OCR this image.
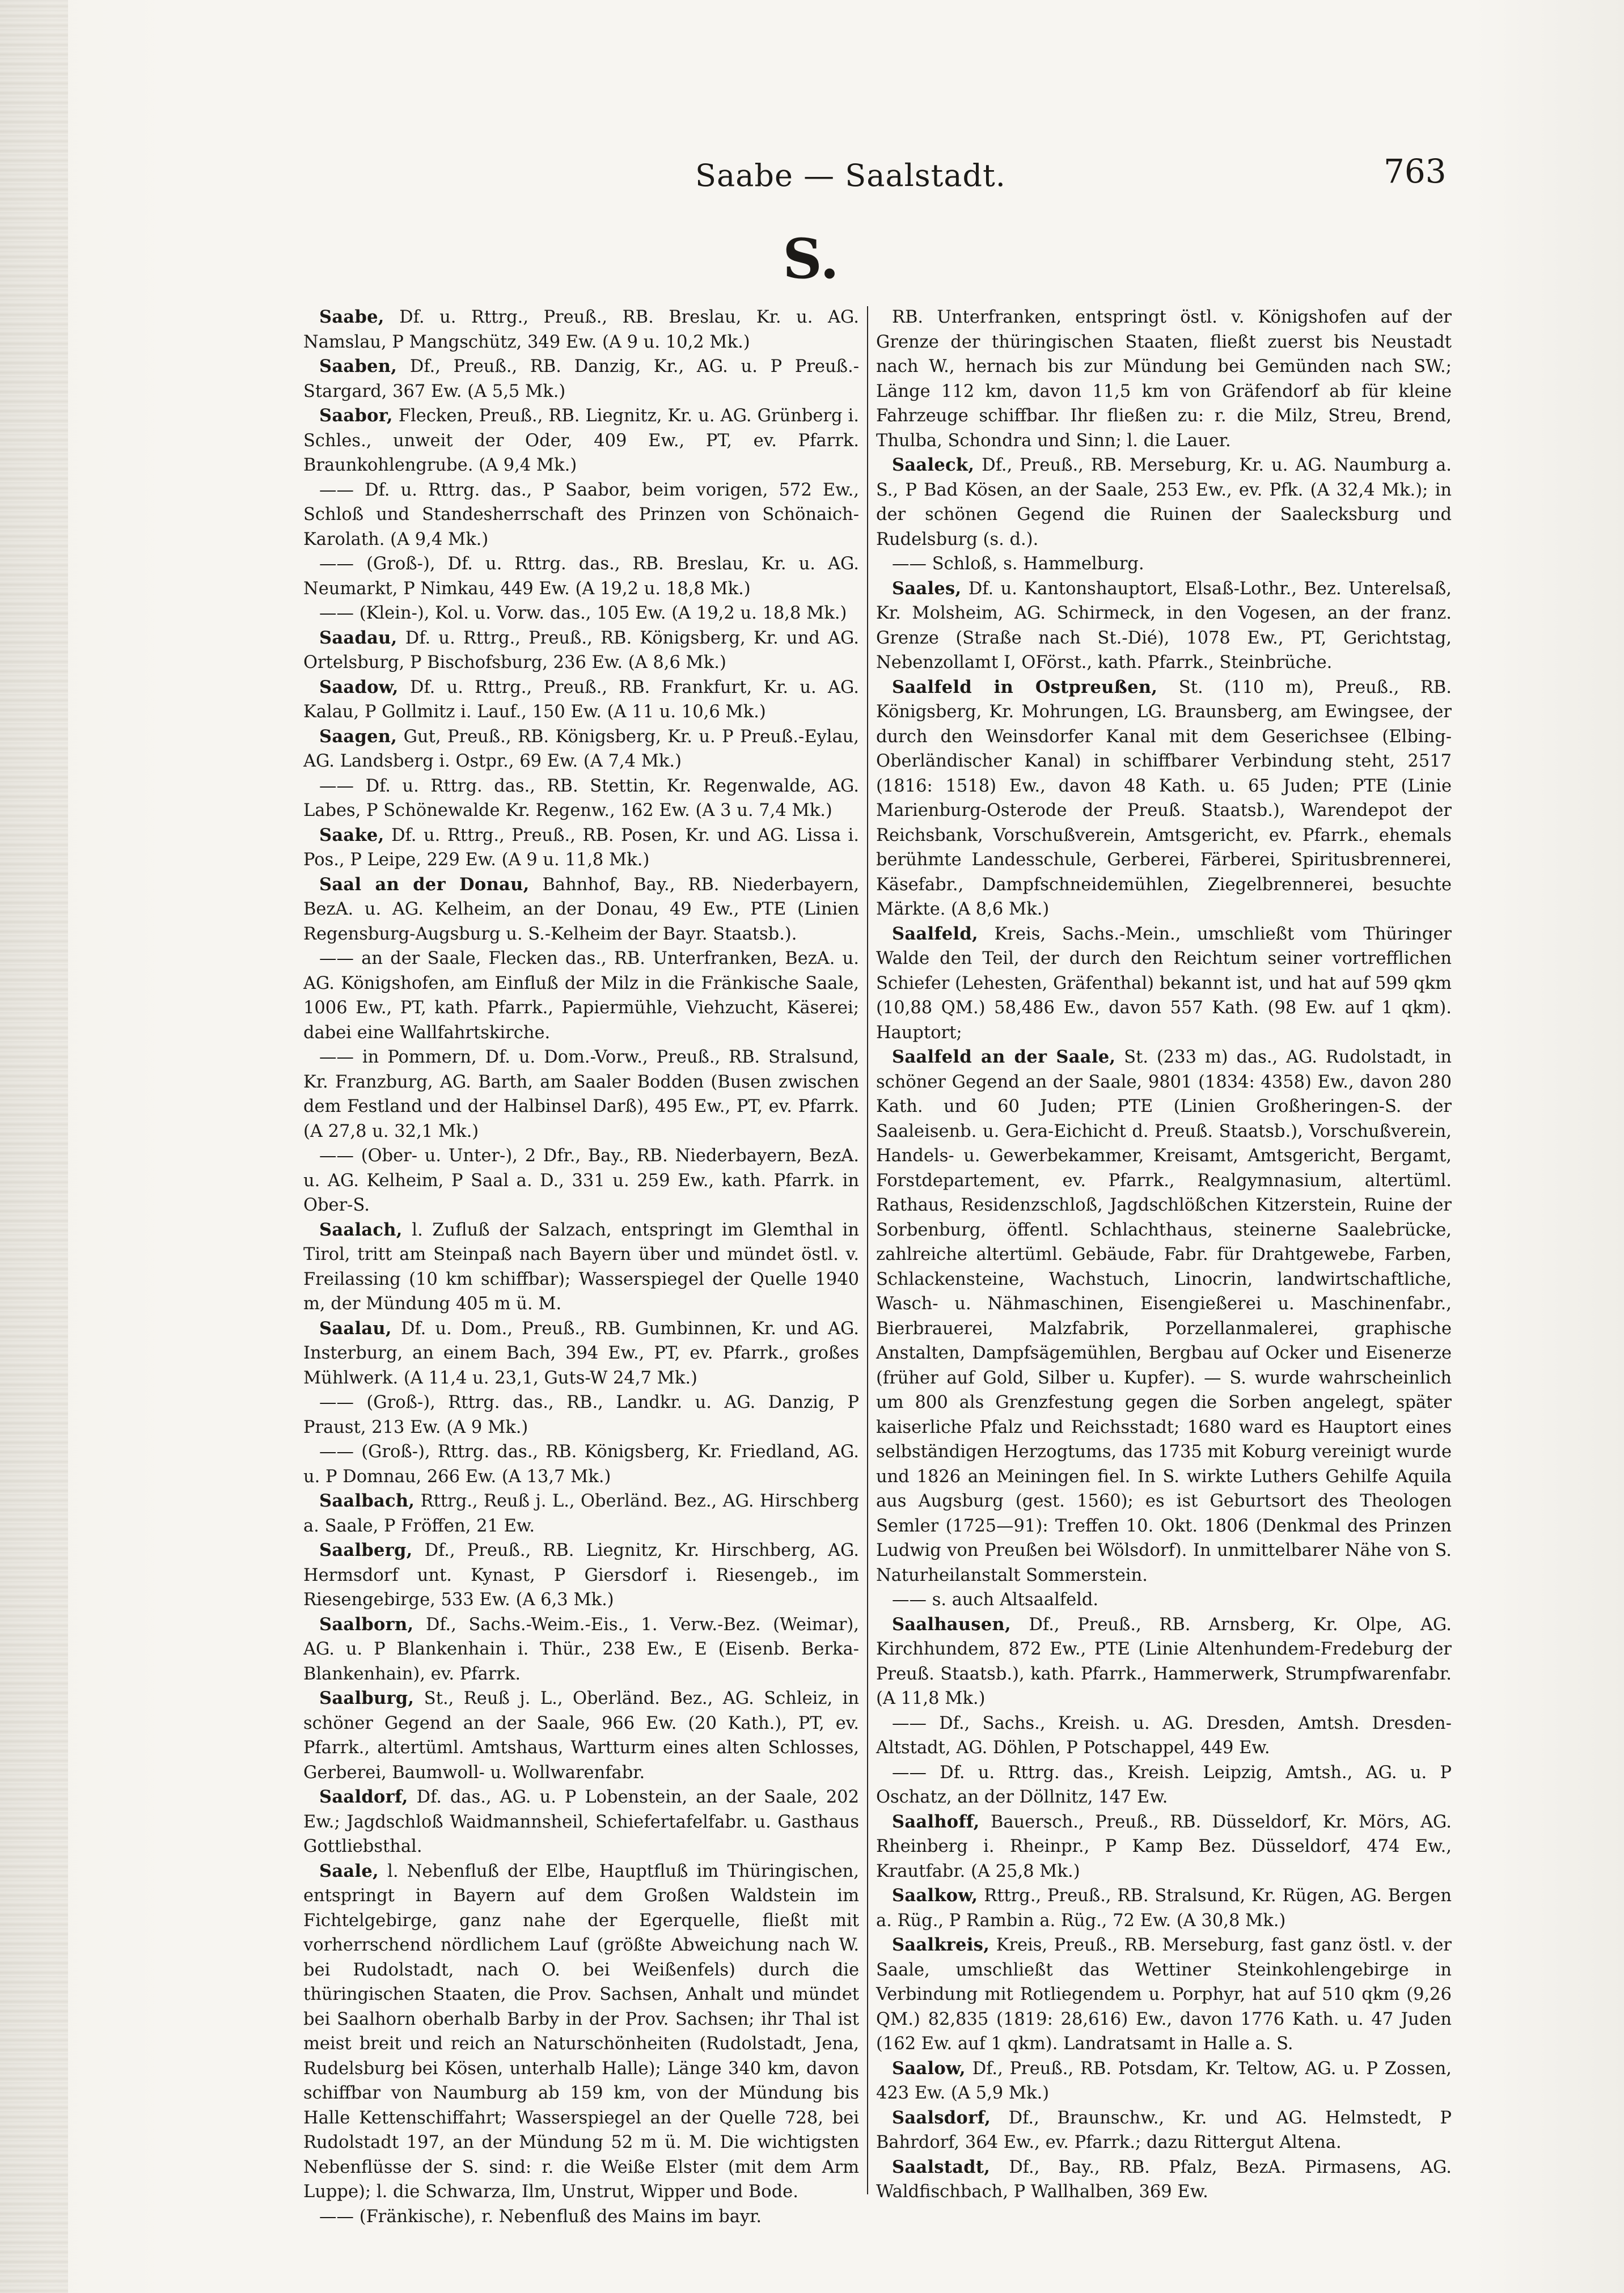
Saabe — Saalstadt.	763
S.

Saabe, Df. u. Rttrg., Preuß., RB. Breslau, Kr. u. AG. Namslau, P Mangschütz, 349 Ew. (A 9 u. 10,2 Mk.)

Saaben, Df., Preuß., RB. Danzig, Kr., AG. u. P Preuß.-Stargard, 367 Ew. (A 5,5 Mk.)

Saabor, Flecken, Preuß., RB. Liegnitz, Kr. u. AG. Grünberg i. Schles., unweit der Oder, 409 Ew., PT, ev. Pfarrk. Braunkohlengrube. (A 9,4 Mk.)

—— Df. u. Rttrg. das., P Saabor, beim vorigen, 572 Ew., Schloß und Standesherrschaft des Prinzen von Schönaich-Karolath. (A 9,4 Mk.)

—— (Groß-), Df. u. Rttrg. das., RB. Breslau, Kr. u. AG. Neumarkt, P Nimkau, 449 Ew. (A 19,2 u. 18,8 Mk.)

—— (Klein-), Kol. u. Vorw. das., 105 Ew. (A 19,2 u. 18,8 Mk.)

Saadau, Df. u. Rttrg., Preuß., RB. Königsberg, Kr. und AG. Ortelsburg, P Bischofsburg, 236 Ew. (A 8,6 Mk.)

Saadow, Df. u. Rttrg., Preuß., RB. Frankfurt, Kr. u. AG. Kalau, P Gollmitz i. Lauf., 150 Ew. (A 11 u. 10,6 Mk.)

Saagen, Gut, Preuß., RB. Königsberg, Kr. u. P Preuß.-Eylau, AG. Landsberg i. Ostpr., 69 Ew. (A 7,4 Mk.)

—— Df. u. Rttrg. das., RB. Stettin, Kr. Regenwalde, AG. Labes, P Schönewalde Kr. Regenw., 162 Ew. (A 3 u. 7,4 Mk.)

Saake, Df. u. Rttrg., Preuß., RB. Posen, Kr. und AG. Lissa i. Pos., P Leipe, 229 Ew. (A 9 u. 11,8 Mk.)

Saal an der Donau, Bahnhof, Bay., RB. Niederbayern, BezA. u. AG. Kelheim, an der Donau, 49 Ew., PTE (Linien Regensburg-Augsburg u. S.-Kelheim der Bayr. Staatsb.).

—— an der Saale, Flecken das., RB. Unterfranken, BezA. u. AG. Königshofen, am Einfluß der Milz in die Fränkische Saale, 1006 Ew., PT, kath. Pfarrk., Papiermühle, Viehzucht, Käserei; dabei eine Wallfahrtskirche.

—— in Pommern, Df. u. Dom.-Vorw., Preuß., RB. Stralsund, Kr. Franzburg, AG. Barth, am Saaler Bodden (Busen zwischen dem Festland und der Halbinsel Darß), 495 Ew., PT, ev. Pfarrk. (A 27,8 u. 32,1 Mk.)

—— (Ober- u. Unter-), 2 Dfr., Bay., RB. Niederbayern, BezA. u. AG. Kelheim, P Saal a. D., 331 u. 259 Ew., kath. Pfarrk. in Ober-S.

Saalach, l. Zufluß der Salzach, entspringt im Glemthal in Tirol, tritt am Steinpaß nach Bayern über und mündet östl. v. Freilassing (10 km schiffbar); Wasserspiegel der Quelle 1940 m, der Mündung 405 m ü. M.

Saalau, Df. u. Dom., Preuß., RB. Gumbinnen, Kr. und AG. Insterburg, an einem Bach, 394 Ew., PT, ev. Pfarrk., großes Mühlwerk. (A 11,4 u. 23,1, Guts-W 24,7 Mk.)

—— (Groß-), Rttrg. das., RB., Landkr. u. AG. Danzig, P Praust, 213 Ew. (A 9 Mk.)

—— (Groß-), Rttrg. das., RB. Königsberg, Kr. Friedland, AG. u. P Domnau, 266 Ew. (A 13,7 Mk.)

Saalbach, Rttrg., Reuß j. L., Oberländ. Bez., AG. Hirschberg a. Saale, P Fröffen, 21 Ew.

Saalberg, Df., Preuß., RB. Liegnitz, Kr. Hirschberg, AG. Hermsdorf unt. Kynast, P Giersdorf i. Riesengeb., im Riesengebirge, 533 Ew. (A 6,3 Mk.)

Saalborn, Df., Sachs.-Weim.-Eis., 1. Verw.-Bez. (Weimar), AG. u. P Blankenhain i. Thür., 238 Ew., E (Eisenb. Berka-Blankenhain), ev. Pfarrk.

Saalburg, St., Reuß j. L., Oberländ. Bez., AG. Schleiz, in schöner Gegend an der Saale, 966 Ew. (20 Kath.), PT, ev. Pfarrk., altertüml. Amtshaus, Wartturm eines alten Schlosses, Gerberei, Baumwoll- u. Wollwarenfabr.

Saaldorf, Df. das., AG. u. P Lobenstein, an der Saale, 202 Ew.; Jagdschloß Waidmannsheil, Schiefertafelfabr. u. Gasthaus Gottliebsthal.

Saale, l. Nebenfluß der Elbe, Hauptfluß im Thüringischen, entspringt in Bayern auf dem Großen Waldstein im Fichtelgebirge, ganz nahe der Egerquelle, fließt mit vorherrschend nördlichem Lauf (größte Abweichung nach W. bei Rudolstadt, nach O. bei Weißenfels) durch die thüringischen Staaten, die Prov. Sachsen, Anhalt und mündet bei Saalhorn oberhalb Barby in der Prov. Sachsen; ihr Thal ist meist breit und reich an Naturschönheiten (Rudolstadt, Jena, Rudelsburg bei Kösen, unterhalb Halle); Länge 340 km, davon schiffbar von Naumburg ab 159 km, von der Mündung bis Halle Kettenschiffahrt; Wasserspiegel an der Quelle 728, bei Rudolstadt 197, an der Mündung 52 m ü. M. Die wichtigsten Nebenflüsse der S. sind: r. die Weiße Elster (mit dem Arm Luppe); l. die Schwarza, Ilm, Unstrut, Wipper und Bode.

—— (Fränkische), r. Nebenfluß des Mains im bayr.

RB. Unterfranken, entspringt östl. v. Königshofen auf der Grenze der thüringischen Staaten, fließt zuerst bis Neustadt nach W., hernach bis zur Mündung bei Gemünden nach SW.; Länge 112 km, davon 11,5 km von Gräfendorf ab für kleine Fahrzeuge schiffbar. Ihr fließen zu: r. die Milz, Streu, Brend, Thulba, Schondra und Sinn; l. die Lauer.

Saaleck, Df., Preuß., RB. Merseburg, Kr. u. AG. Naumburg a. S., P Bad Kösen, an der Saale, 253 Ew., ev. Pfk. (A 32,4 Mk.); in der schönen Gegend die Ruinen der Saalecksburg und Rudelsburg (s. d.).

—— Schloß, s. Hammelburg.

Saales, Df. u. Kantonshauptort, Elsaß-Lothr., Bez. Unterelsaß, Kr. Molsheim, AG. Schirmeck, in den Vogesen, an der franz. Grenze (Straße nach St.-Dié), 1078 Ew., PT, Gerichtstag, Nebenzollamt I, OFörst., kath. Pfarrk., Steinbrüche.

Saalfeld in Ostpreußen, St. (110 m), Preuß., RB. Königsberg, Kr. Mohrungen, LG. Braunsberg, am Ewingsee, der durch den Weinsdorfer Kanal mit dem Geserichsee (Elbing-Oberländischer Kanal) in schiffbarer Verbindung steht, 2517 (1816: 1518) Ew., davon 48 Kath. u. 65 Juden; PTE (Linie Marienburg-Osterode der Preuß. Staatsb.), Warendepot der Reichsbank, Vorschußverein, Amtsgericht, ev. Pfarrk., ehemals berühmte Landesschule, Gerberei, Färberei, Spiritusbrennerei, Käsefabr., Dampfschneidemühlen, Ziegelbrennerei, besuchte Märkte. (A 8,6 Mk.)

Saalfeld, Kreis, Sachs.-Mein., umschließt vom Thüringer Walde den Teil, der durch den Reichtum seiner vortrefflichen Schiefer (Lehesten, Gräfenthal) bekannt ist, und hat auf 599 qkm (10,88 QM.) 58,486 Ew., davon 557 Kath. (98 Ew. auf 1 qkm). Hauptort;

Saalfeld an der Saale, St. (233 m) das., AG. Rudolstadt, in schöner Gegend an der Saale, 9801 (1834: 4358) Ew., davon 280 Kath. und 60 Juden; PTE (Linien Großheringen-S. der Saaleisenb. u. Gera-Eichicht d. Preuß. Staatsb.), Vorschußverein, Handels- u. Gewerbekammer, Kreisamt, Amtsgericht, Bergamt, Forstdepartement, ev. Pfarrk., Realgymnasium, altertüml. Rathaus, Residenzschloß, Jagdschlößchen Kitzerstein, Ruine der Sorbenburg, öffentl. Schlachthaus, steinerne Saalebrücke, zahlreiche altertüml. Gebäude, Fabr. für Drahtgewebe, Farben, Schlackensteine, Wachstuch, Linocrin, landwirtschaftliche, Wasch- u. Nähmaschinen, Eisengießerei u. Maschinenfabr., Bierbrauerei, Malzfabrik, Porzellanmalerei, graphische Anstalten, Dampfsägemühlen, Bergbau auf Ocker und Eisenerze (früher auf Gold, Silber u. Kupfer). — S. wurde wahrscheinlich um 800 als Grenzfestung gegen die Sorben angelegt, später kaiserliche Pfalz und Reichsstadt; 1680 ward es Hauptort eines selbständigen Herzogtums, das 1735 mit Koburg vereinigt wurde und 1826 an Meiningen fiel. In S. wirkte Luthers Gehilfe Aquila aus Augsburg (gest. 1560); es ist Geburtsort des Theologen Semler (1725—91): Treffen 10. Okt. 1806 (Denkmal des Prinzen Ludwig von Preußen bei Wölsdorf). In unmittelbarer Nähe von S. Naturheilanstalt Sommerstein.

—— s. auch Altsaalfeld.

Saalhausen, Df., Preuß., RB. Arnsberg, Kr. Olpe, AG. Kirchhundem, 872 Ew., PTE (Linie Altenhundem-Fredeburg der Preuß. Staatsb.), kath. Pfarrk., Hammerwerk, Strumpfwarenfabr. (A 11,8 Mk.)

—— Df., Sachs., Kreish. u. AG. Dresden, Amtsh. Dresden-Altstadt, AG. Döhlen, P Potschappel, 449 Ew.

—— Df. u. Rttrg. das., Kreish. Leipzig, Amtsh., AG. u. P Oschatz, an der Döllnitz, 147 Ew.

Saalhoff, Bauersch., Preuß., RB. Düsseldorf, Kr. Mörs, AG. Rheinberg i. Rheinpr., P Kamp Bez. Düsseldorf, 474 Ew., Krautfabr. (A 25,8 Mk.)

Saalkow, Rttrg., Preuß., RB. Stralsund, Kr. Rügen, AG. Bergen a. Rüg., P Rambin a. Rüg., 72 Ew. (A 30,8 Mk.)

Saalkreis, Kreis, Preuß., RB. Merseburg, fast ganz östl. v. der Saale, umschließt das Wettiner Steinkohlengebirge in Verbindung mit Rotliegendem u. Porphyr, hat auf 510 qkm (9,26 QM.) 82,835 (1819: 28,616) Ew., davon 1776 Kath. u. 47 Juden (162 Ew. auf 1 qkm). Landratsamt in Halle a. S.

Saalow, Df., Preuß., RB. Potsdam, Kr. Teltow, AG. u. P Zossen, 423 Ew. (A 5,9 Mk.)

Saalsdorf, Df., Braunschw., Kr. und AG. Helmstedt, P Bahrdorf, 364 Ew., ev. Pfarrk.; dazu Rittergut Altena.

Saalstadt, Df., Bay., RB. Pfalz, BezA. Pirmasens, AG. Waldfischbach, P Wallhalben, 369 Ew.
